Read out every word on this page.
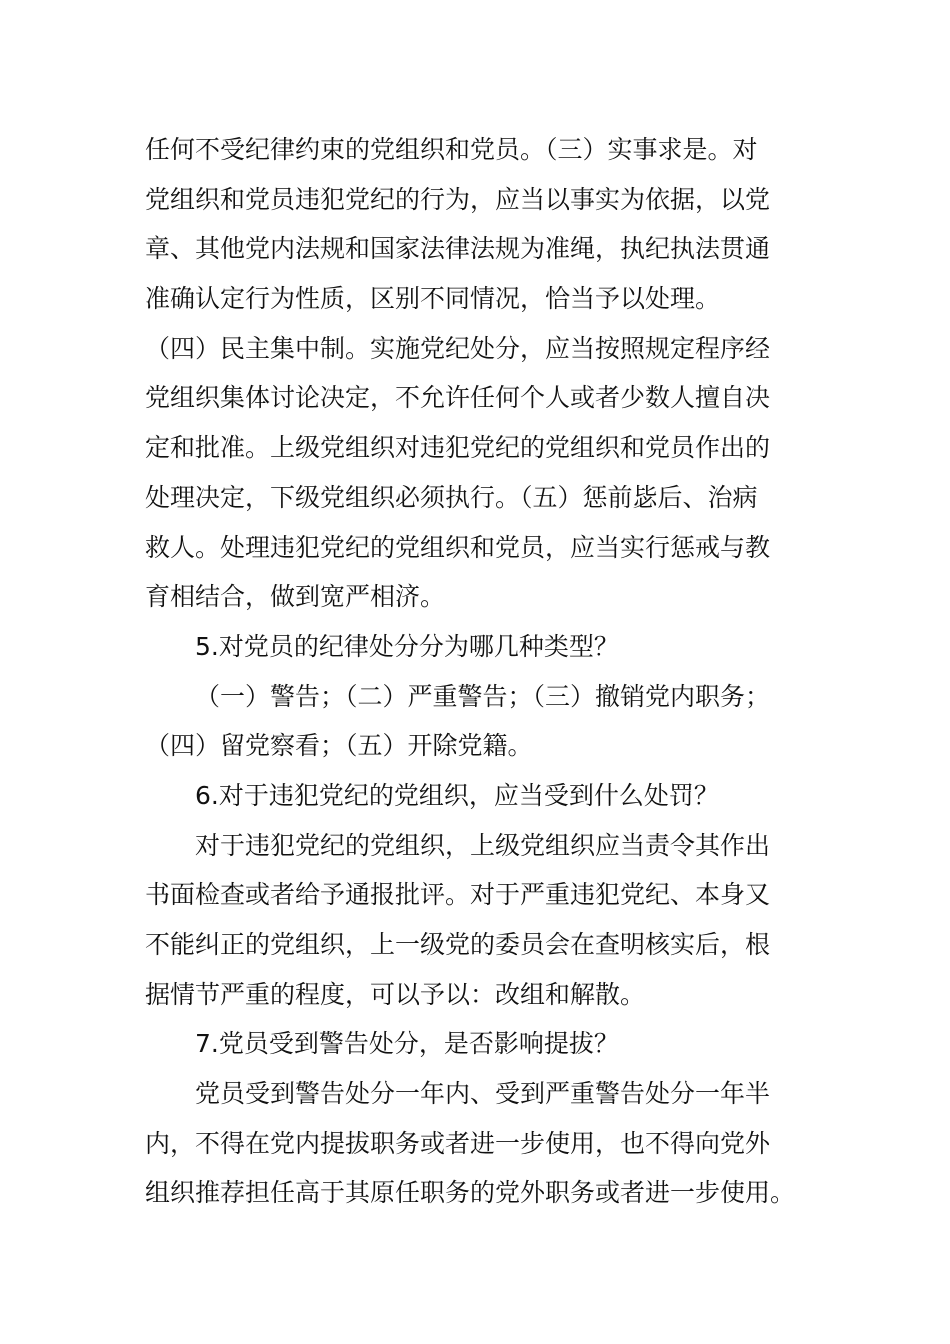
任何不受纪律约束的党组织和党员。（三）实事求是。对
党组织和党员违犯党纪的行为，应当以事实为依据，以党
章、其他党内法规和国家法律法规为准绳，执纪执法贯通
准确认定行为性质，区别不同情况，恰当予以处理。
（四）民主集中制。实施党纪处分，应当按照规定程序经
党组织集体讨论决定，不允许任何个人或者少数人擅自决
定和批准。上级党组织对违犯党纪的党组织和党员作出的
处理决定，下级党组织必须执行。（五）惩前毖后、治病
救人。处理违犯党纪的党组织和党员，应当实行惩戒与教
育相结合，做到宽严相济。
5.对党员的纪律处分分为哪几种类型？
（一）警告；（二）严重警告；（三）撤销党内职务；
（四）留党察看；（五）开除党籍。
6.对于违犯党纪的党组织，应当受到什么处罚？
对于违犯党纪的党组织，上级党组织应当责令其作出
书面检查或者给予通报批评。对于严重违犯党纪、本身又
不能纠正的党组织，上一级党的委员会在查明核实后，根
据情节严重的程度，可以予以：改组和解散。
7.党员受到警告处分，是否影响提拔？
党员受到警告处分一年内、受到严重警告处分一年半
内，不得在党内提拔职务或者进一步使用，也不得向党外
组织推荐担任高于其原任职务的党外职务或者进一步使用。
